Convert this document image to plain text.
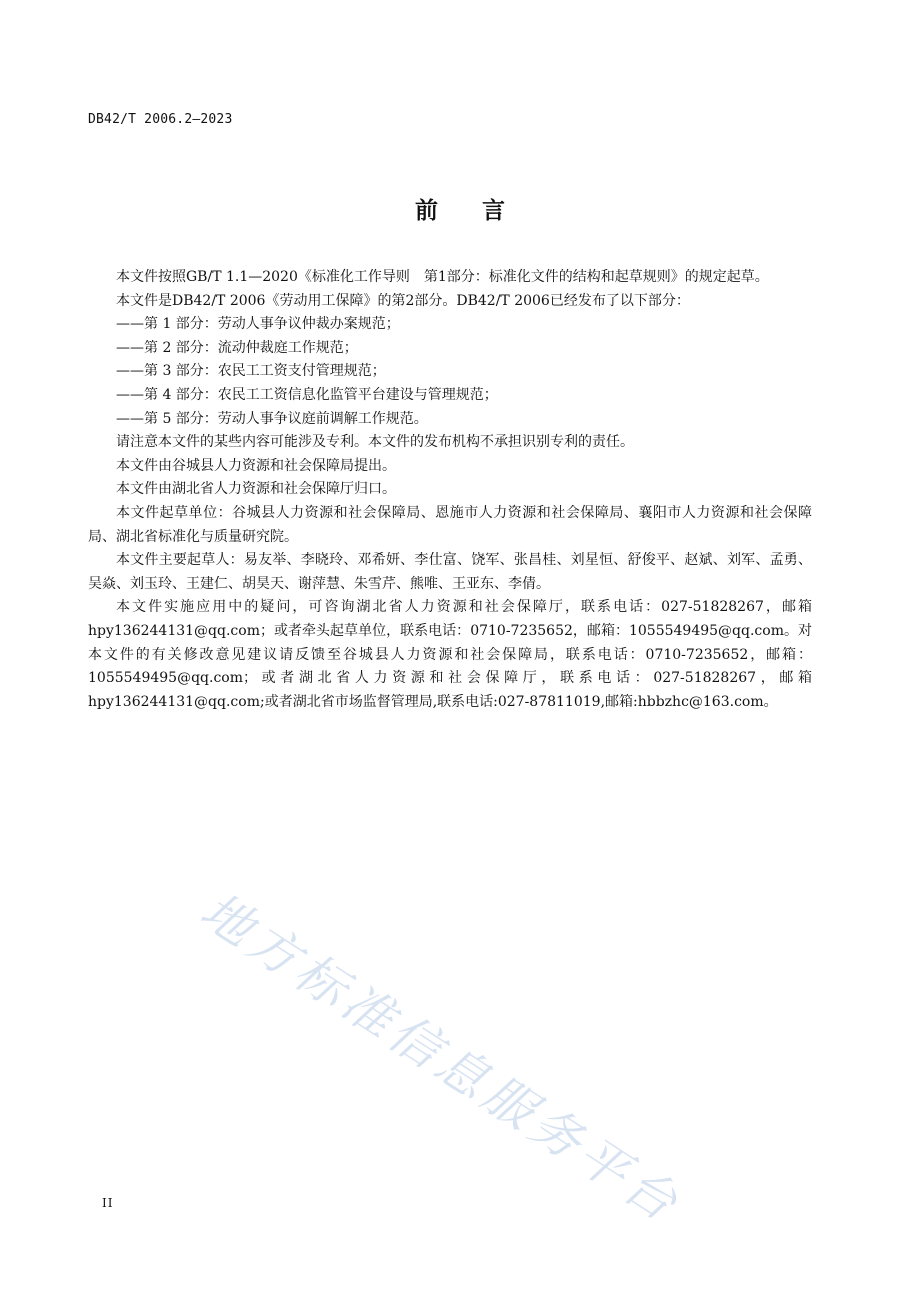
DB42/T 2006.2—2023
前言

本文件按照GB/T 1.1—2020《标准化工作导则　第1部分：标准化文件的结构和起草规则》的规定起草。

本文件是DB42/T 2006《劳动用工保障》的第2部分。DB42/T 2006已经发布了以下部分：

——第 1 部分：劳动人事争议仲裁办案规范；

——第 2 部分：流动仲裁庭工作规范；

——第 3 部分：农民工工资支付管理规范；

——第 4 部分：农民工工资信息化监管平台建设与管理规范；

——第 5 部分：劳动人事争议庭前调解工作规范。

请注意本文件的某些内容可能涉及专利。本文件的发布机构不承担识别专利的责任。

本文件由谷城县人力资源和社会保障局提出。

本文件由湖北省人力资源和社会保障厅归口。

本文件起草单位：谷城县人力资源和社会保障局、恩施市人力资源和社会保障局、襄阳市人力资源和社会保障局、湖北省标准化与质量研究院。

本文件主要起草人：易友举、李晓玲、邓希妍、李仕富、饶军、张昌桂、刘星恒、舒俊平、赵斌、刘军、孟勇、吴焱、刘玉玲、王建仁、胡昊天、谢萍慧、朱雪芹、熊唯、王亚东、李倩。

本文件实施应用中的疑问，可咨询湖北省人力资源和社会保障厅，联系电话：027-51828267，邮箱hpy136244131@qq.com；或者牵头起草单位，联系电话：0710-7235652，邮箱：1055549495@qq.com。对本文件的有关修改意见建议请反馈至谷城县人力资源和社会保障局，联系电话：0710-7235652，邮箱：1055549495@qq.com；或者湖北省人力资源和社会保障厅，联系电话：027-51828267，邮箱hpy136244131@qq.com;或者湖北省市场监督管理局,联系电话:027-87811019,邮箱:hbbzhc@163.com。

地方标准信息服务平台
II
